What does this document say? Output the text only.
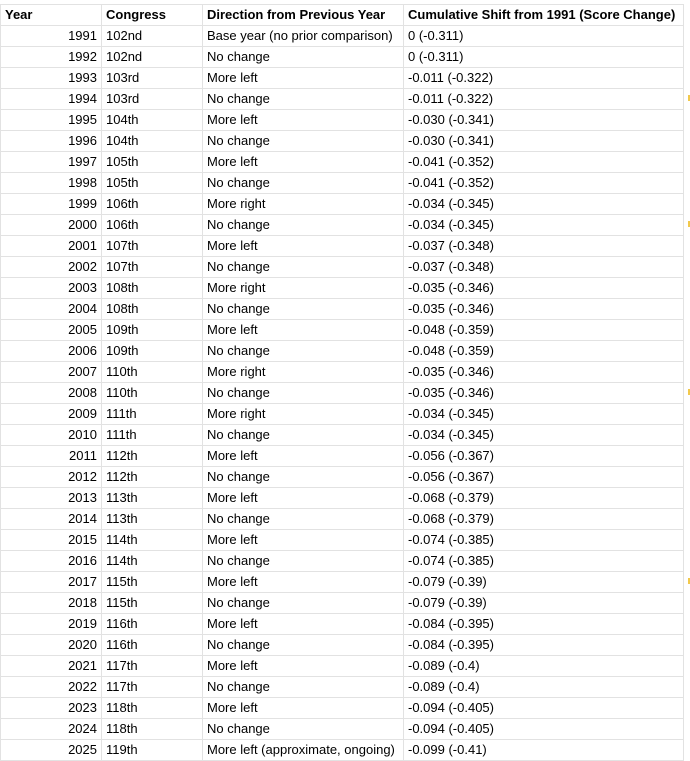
Year	Congress	Direction from Previous Year	Cumulative Shift from 1991 (Score Change)
1991	102nd	Base year (no prior comparison)	0 (-0.311)
1992	102nd	No change	0 (-0.311)
1993	103rd	More left	-0.011 (-0.322)
1994	103rd	No change	-0.011 (-0.322)
1995	104th	More left	-0.030 (-0.341)
1996	104th	No change	-0.030 (-0.341)
1997	105th	More left	-0.041 (-0.352)
1998	105th	No change	-0.041 (-0.352)
1999	106th	More right	-0.034 (-0.345)
2000	106th	No change	-0.034 (-0.345)
2001	107th	More left	-0.037 (-0.348)
2002	107th	No change	-0.037 (-0.348)
2003	108th	More right	-0.035 (-0.346)
2004	108th	No change	-0.035 (-0.346)
2005	109th	More left	-0.048 (-0.359)
2006	109th	No change	-0.048 (-0.359)
2007	110th	More right	-0.035 (-0.346)
2008	110th	No change	-0.035 (-0.346)
2009	111th	More right	-0.034 (-0.345)
2010	111th	No change	-0.034 (-0.345)
2011	112th	More left	-0.056 (-0.367)
2012	112th	No change	-0.056 (-0.367)
2013	113th	More left	-0.068 (-0.379)
2014	113th	No change	-0.068 (-0.379)
2015	114th	More left	-0.074 (-0.385)
2016	114th	No change	-0.074 (-0.385)
2017	115th	More left	-0.079 (-0.39)
2018	115th	No change	-0.079 (-0.39)
2019	116th	More left	-0.084 (-0.395)
2020	116th	No change	-0.084 (-0.395)
2021	117th	More left	-0.089 (-0.4)
2022	117th	No change	-0.089 (-0.4)
2023	118th	More left	-0.094 (-0.405)
2024	118th	No change	-0.094 (-0.405)
2025	119th	More left (approximate, ongoing)	-0.099 (-0.41)
